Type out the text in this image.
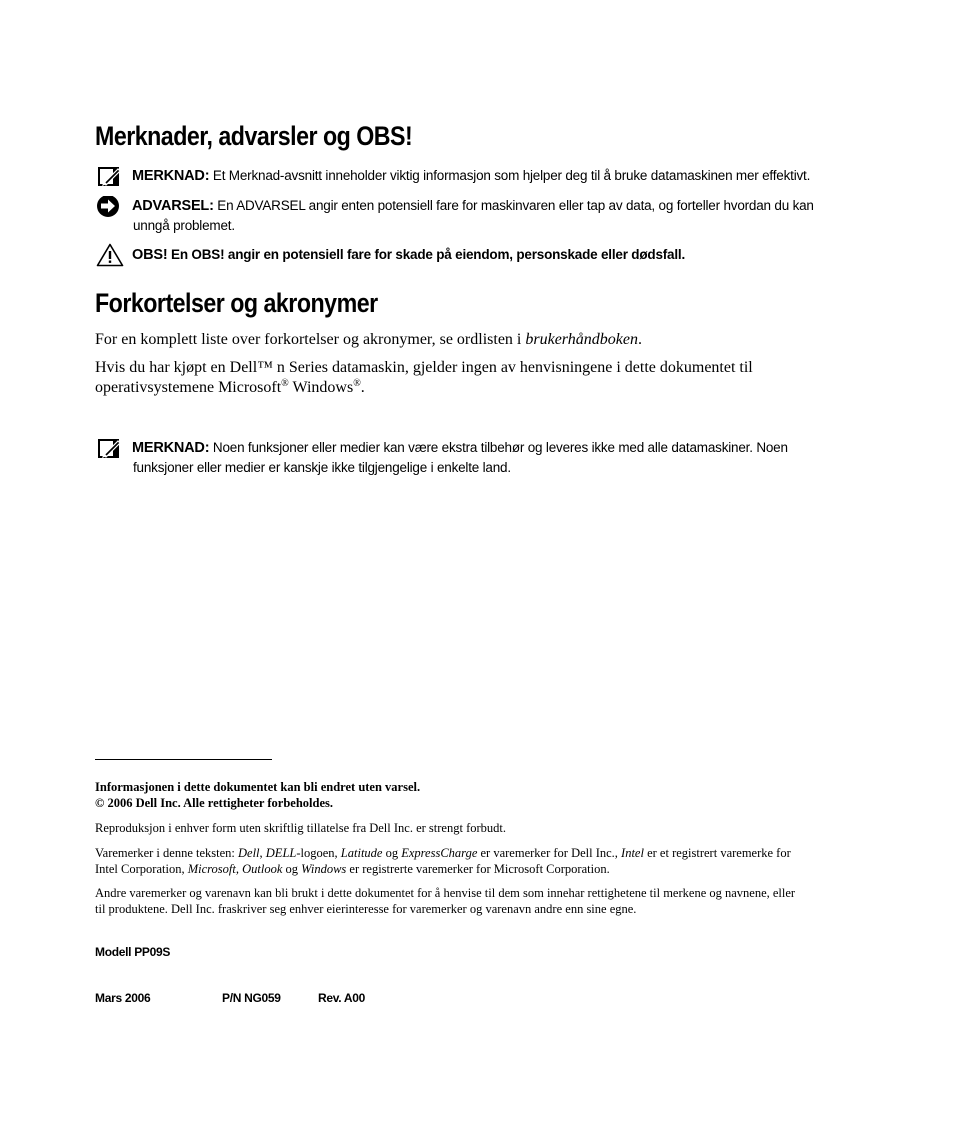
Merknader, advarsler og OBS!
MERKNAD: Et Merknad-avsnitt inneholder viktig informasjon som hjelper deg til å bruke datamaskinen mer effektivt.
ADVARSEL: En ADVARSEL angir enten potensiell fare for maskinvaren eller tap av data, og forteller hvordan du kan
unngå problemet.
OBS! En OBS! angir en potensiell fare for skade på eiendom, personskade eller dødsfall.
Forkortelser og akronymer
For en komplett liste over forkortelser og akronymer, se ordlisten i brukerhåndboken.
Hvis du har kjøpt en Dell™ n Series datamaskin, gjelder ingen av henvisningene i dette dokumentet til
operativsystemene Microsoft® Windows®.
MERKNAD: Noen funksjoner eller medier kan være ekstra tilbehør og leveres ikke med alle datamaskiner. Noen
funksjoner eller medier er kanskje ikke tilgjengelige i enkelte land.
Informasjonen i dette dokumentet kan bli endret uten varsel.
© 2006 Dell Inc. Alle rettigheter forbeholdes.
Reproduksjon i enhver form uten skriftlig tillatelse fra Dell Inc. er strengt forbudt.
Varemerker i denne teksten: Dell, DELL-logoen, Latitude og ExpressCharge er varemerker for Dell Inc., Intel er et registrert varemerke for
Intel Corporation, Microsoft, Outlook og Windows er registrerte varemerker for Microsoft Corporation.
Andre varemerker og varenavn kan bli brukt i dette dokumentet for å henvise til dem som innehar rettighetene til merkene og navnene, eller
til produktene. Dell Inc. fraskriver seg enhver eierinteresse for varemerker og varenavn andre enn sine egne.
Modell PP09S
Mars 2006	P/N NG059	Rev. A00
